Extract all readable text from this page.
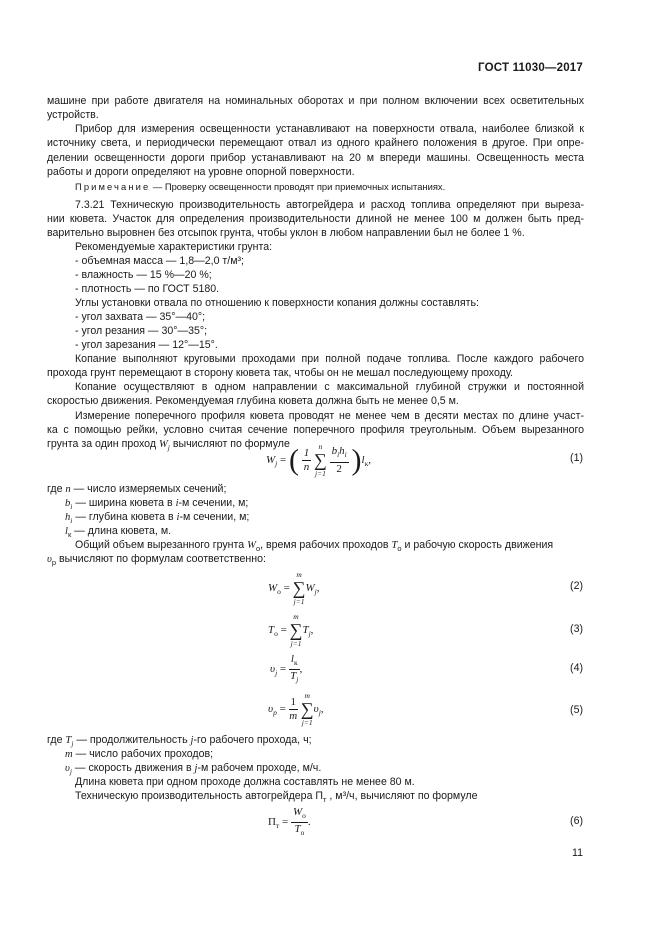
ГОСТ 11030—2017
машине при работе двигателя на номинальных оборотах и при полном включении всех осветительных
устройств.
Прибор для измерения освещенности устанавливают на поверхности отвала, наиболее близкой к
источнику света, и периодически перемещают отвал из одного крайнего положения в другое. При опре-
делении освещенности дороги прибор устанавливают на 20 м впереди машины. Освещенность места
работы и дороги определяют на уровне опорной поверхности.
Примечание — Проверку освещенности проводят при приемочных испытаниях.
7.3.21 Техническую производительность автогрейдера и расход топлива определяют при выреза-
нии кювета. Участок для определения производительности длиной не менее 100 м должен быть пред-
варительно выровнен без отсыпок грунта, чтобы уклон в любом направлении был не более 1 %.
Рекомендуемые характеристики грунта:
- объемная масса — 1,8—2,0 т/м³;
- влажность — 15 %—20 %;
- плотность — по ГОСТ 5180.
Углы установки отвала по отношению к поверхности копания должны составлять:
- угол захвата — 35°—40°;
- угол резания — 30°—35°;
- угол зарезания — 12°—15°.
Копание выполняют круговыми проходами при полной подаче топлива. После каждого рабочего
прохода грунт перемещают в сторону кювета так, чтобы он не мешал последующему проходу.
Копание осуществляют в одном направлении с максимальной глубиной стружки и постоянной
скоростью движения. Рекомендуемая глубина кювета должна быть не менее 0,5 м.
Измерение поперечного профиля кювета проводят не менее чем в десяти местах по длине участ-
ка с помощью рейки, условно считая сечение поперечного профиля треугольным. Объем вырезанного
грунта за один проход $W_j$ вычисляют по формуле
$W_j$ = ( $\frac{1}{n}$

n
∑
j=1
$\frac{b_ih_i}{2} )l_к$,	(1)
где n — число измеряемых сечений;
$b_i$ — ширина кювета в i-м сечении, м;
$h_i$ — глубина кювета в i-м сечении, м;
$l_к$ — длина кювета, м.
Общий объем вырезанного грунта $W_о$, время рабочих проходов $T_о$ и рабочую скорость движения
$\upsilon_р$ вычисляют по формулам соответственно:
$W_о$ =
m
∑
j=1
$W_j$,	(2)
$T_о$ =
m
∑
j=1
$T_j$,	(3)
$\upsilon_j = \frac{l_к}{T_j}$ ,	(4)
$\upsilon_р = \frac{1}{m}$

m
∑
j=1
$\upsilon_j$,	(5)
где $T_j$ — продолжительность j-го рабочего прохода, ч;
m — число рабочих проходов;
$\upsilon_j$ — скорость движения в j-м рабочем проходе, м/ч.
Длина кювета при одном проходе должна составлять не менее 80 м.
Техническую производительность автогрейдера $П_т$ , м³/ч, вычисляют по формуле
$П_т = \frac{W_о}{T_о}$ .	(6)
11
